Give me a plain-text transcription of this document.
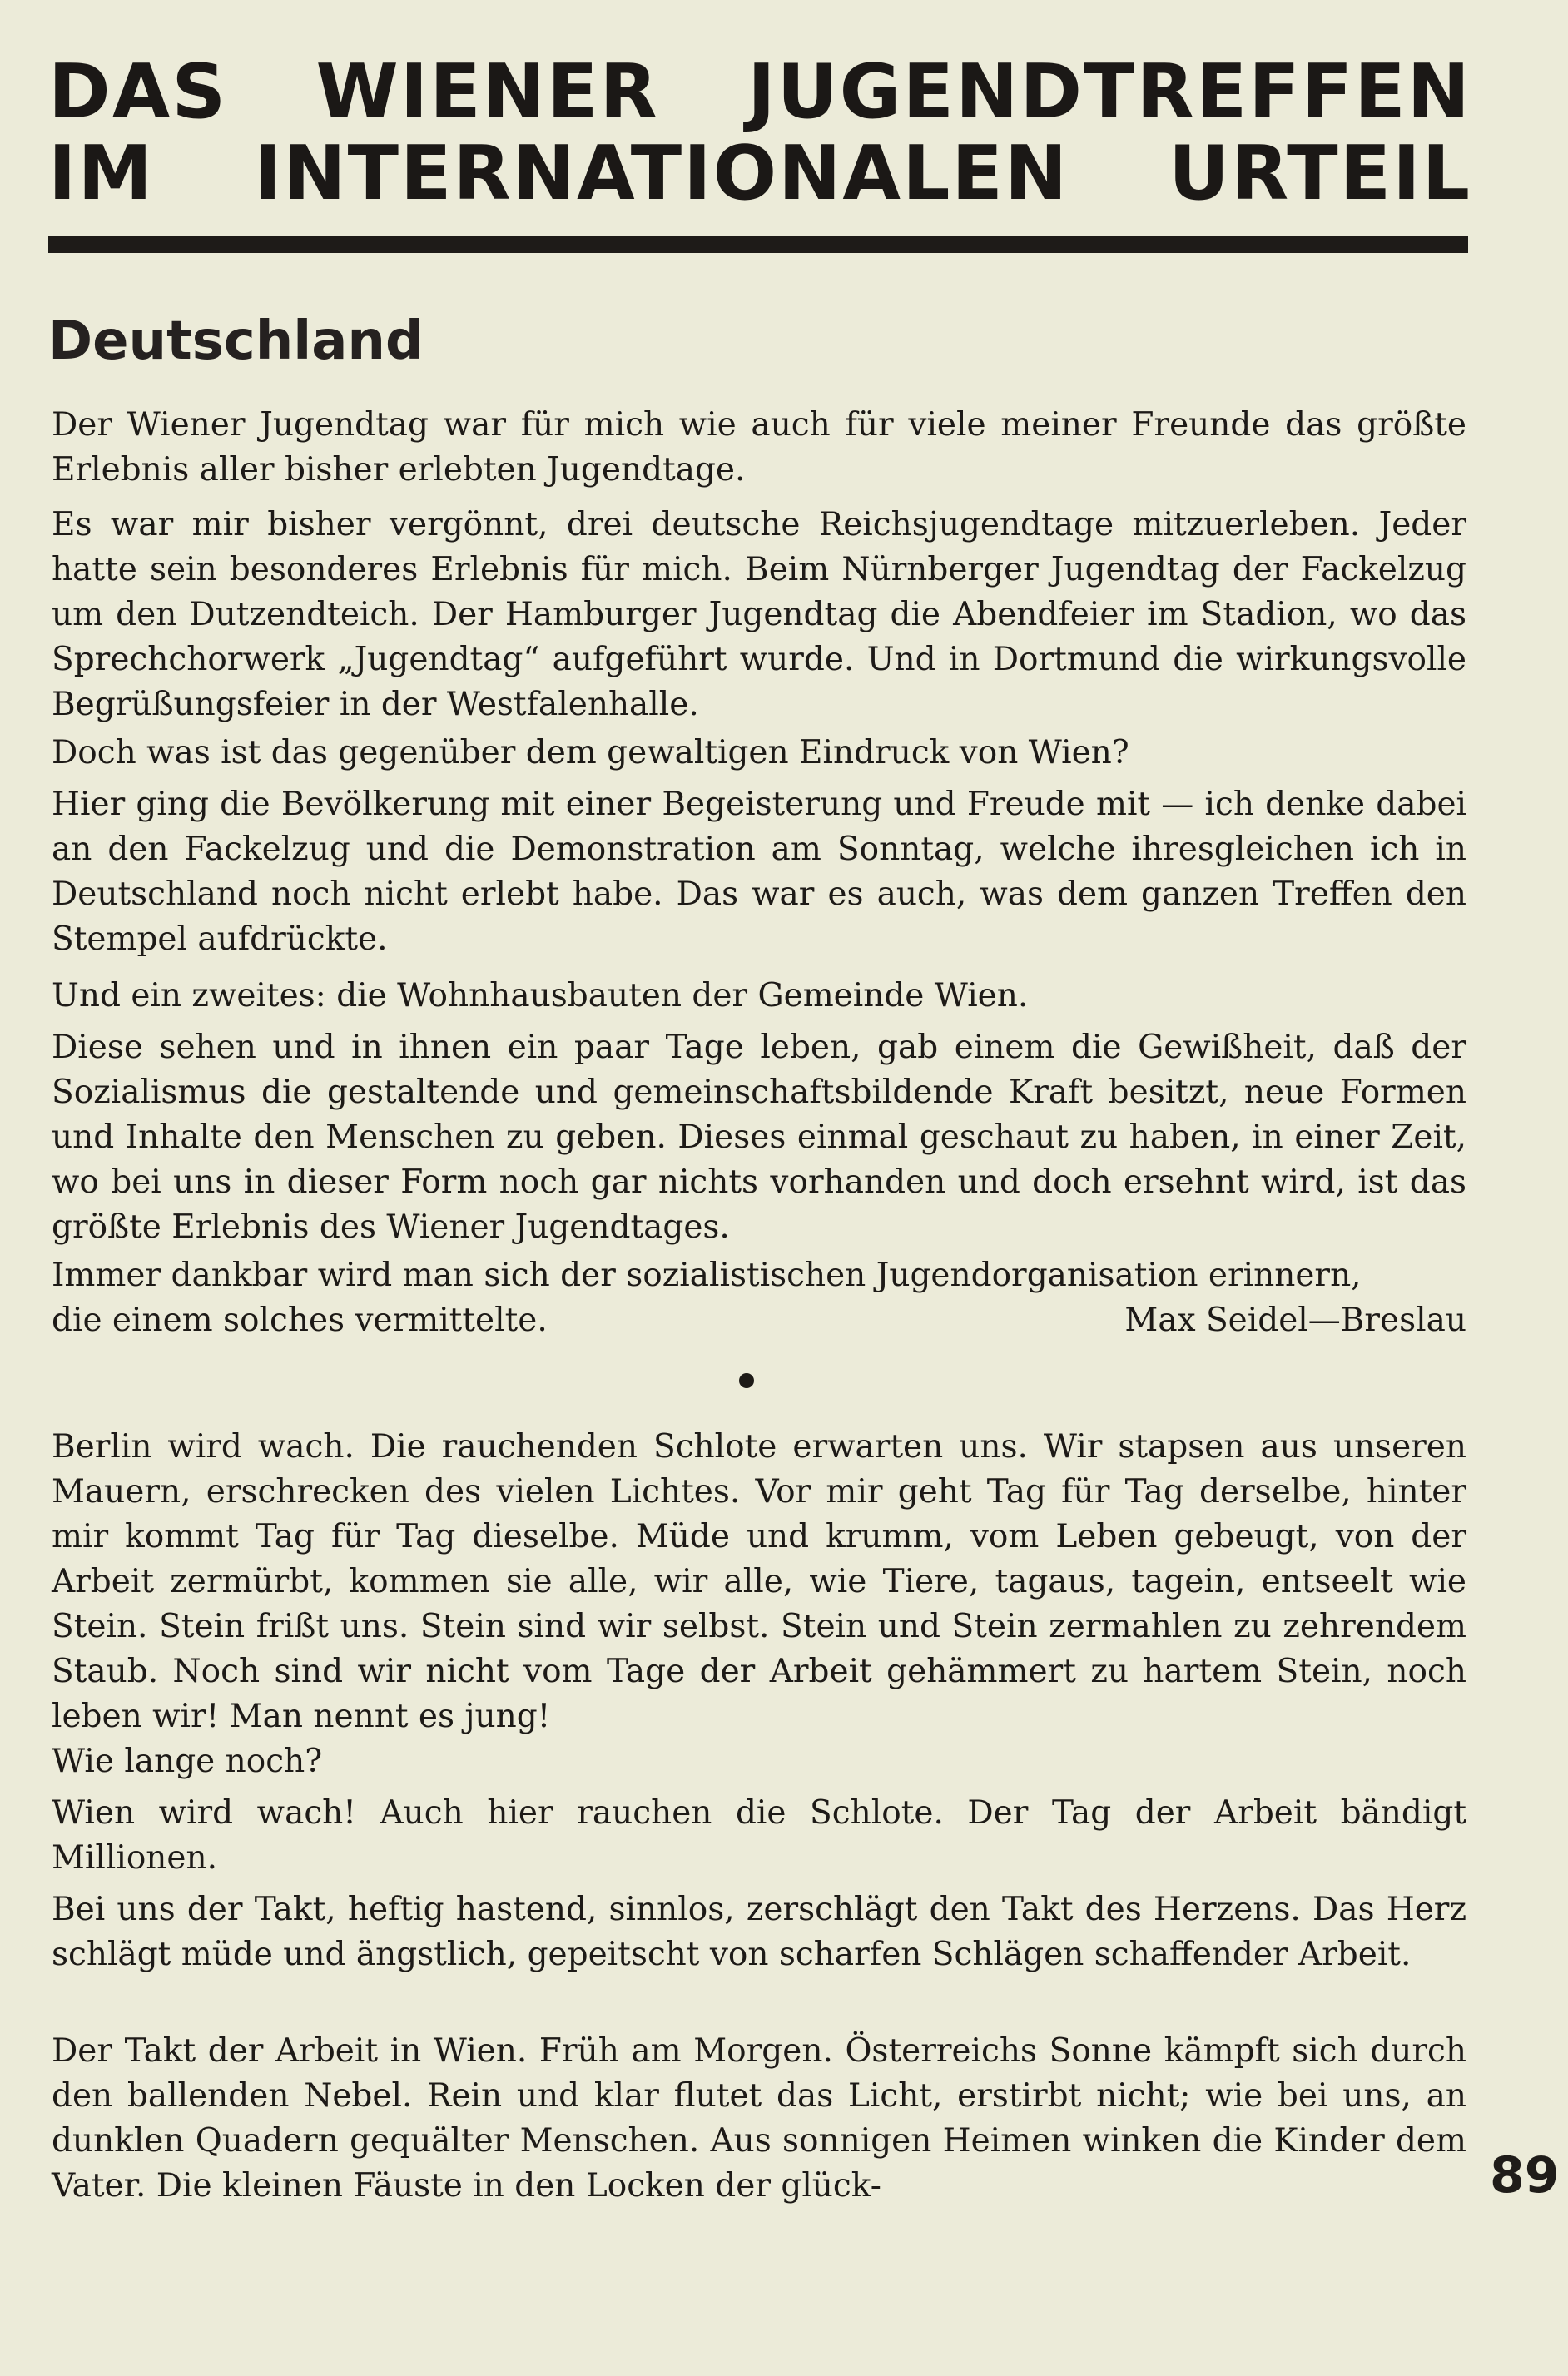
DAS WIENER JUGENDTREFFEN
IM INTERNATIONALEN URTEIL
Deutschland

Der Wiener Jugendtag war für mich wie auch für viele meiner Freunde das größte Erlebnis aller bisher erlebten Jugendtage.

Es war mir bisher vergönnt, drei deutsche Reichsjugendtage mitzuerleben. Jeder hatte sein besonderes Erlebnis für mich. Beim Nürnberger Jugendtag der Fackelzug um den Dutzendteich. Der Hamburger Jugendtag die Abendfeier im Stadion, wo das Sprechchorwerk „Jugendtag“ aufgeführt wurde. Und in Dortmund die wirkungsvolle Begrüßungsfeier in der Westfalenhalle.

Doch was ist das gegenüber dem gewaltigen Eindruck von Wien?

Hier ging die Bevölkerung mit einer Begeisterung und Freude mit — ich denke dabei an den Fackelzug und die Demonstration am Sonntag, welche ihresgleichen ich in Deutschland noch nicht erlebt habe. Das war es auch, was dem ganzen Treffen den Stempel aufdrückte.

Und ein zweites: die Wohnhausbauten der Gemeinde Wien.

Diese sehen und in ihnen ein paar Tage leben, gab einem die Gewißheit, daß der Sozialismus die gestaltende und gemeinschaftsbildende Kraft besitzt, neue Formen und Inhalte den Menschen zu geben. Dieses einmal geschaut zu haben, in einer Zeit, wo bei uns in dieser Form noch gar nichts vorhanden und doch ersehnt wird, ist das größte Erlebnis des Wiener Jugendtages.

Immer dankbar wird man sich der sozialistischen Jugendorganisation erinnern,

die einem solches vermittelte.	Max Seidel—Breslau

Berlin wird wach. Die rauchenden Schlote erwarten uns. Wir stapsen aus unseren Mauern, erschrecken des vielen Lichtes. Vor mir geht Tag für Tag derselbe, hinter mir kommt Tag für Tag dieselbe. Müde und krumm, vom Leben gebeugt, von der Arbeit zermürbt, kommen sie alle, wir alle, wie Tiere, tagaus, tagein, entseelt wie Stein. Stein frißt uns. Stein sind wir selbst. Stein und Stein zermahlen zu zehrendem Staub. Noch sind wir nicht vom Tage der Arbeit gehämmert zu hartem Stein, noch leben wir! Man nennt es jung!

Wie lange noch?

Wien wird wach! Auch hier rauchen die Schlote. Der Tag der Arbeit bändigt Millionen.

Bei uns der Takt, heftig hastend, sinnlos, zerschlägt den Takt des Herzens. Das Herz schlägt müde und ängstlich, gepeitscht von scharfen Schlägen schaffender Arbeit.

Der Takt der Arbeit in Wien. Früh am Morgen. Österreichs Sonne kämpft sich durch den ballenden Nebel. Rein und klar flutet das Licht, erstirbt nicht; wie bei uns, an dunklen Quadern gequälter Menschen. Aus sonnigen Heimen winken die Kinder dem Vater. Die kleinen Fäuste in den Locken der glück-	89
